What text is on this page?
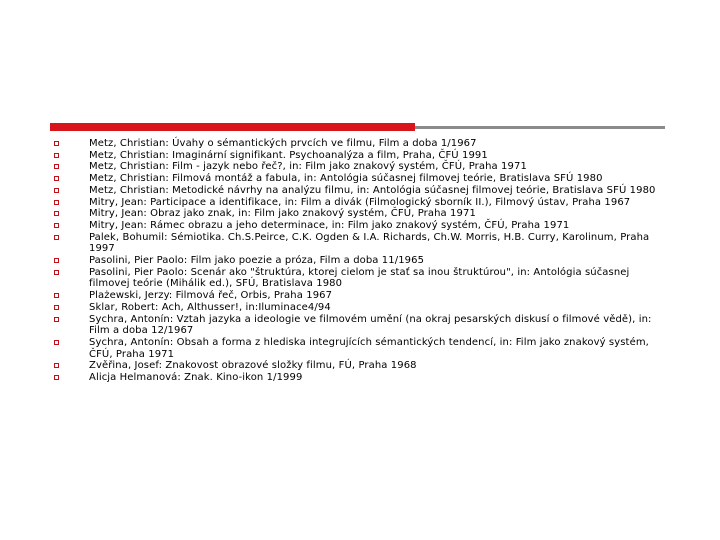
Metz, Christian: Úvahy o sémantických prvcích ve filmu, Film a doba 1/1967
Metz, Christian: Imaginární signifikant. Psychoanalýza a film, Praha, ČFÚ 1991
Metz, Christian: Film - jazyk nebo řeč?, in: Film jako znakový systém, ČFÚ, Praha 1971
Metz, Christian: Filmová montáž a fabula, in: Antológia súčasnej filmovej teórie, Bratislava SFÚ 1980
Metz, Christian: Metodické návrhy na analýzu filmu, in: Antológia súčasnej filmovej teórie, Bratislava SFÚ 1980
Mitry, Jean: Participace a identifikace, in: Film a divák (Filmologický sborník II.), Filmový ústav, Praha 1967
Mitry, Jean: Obraz jako znak, in: Film jako znakový systém, ČFÚ, Praha 1971
Mitry, Jean: Rámec obrazu a jeho determinace, in: Film jako znakový systém, ČFÚ, Praha 1971
Palek, Bohumil: Sémiotika. Ch.S.Peirce, C.K. Ogden & I.A. Richards, Ch.W. Morris, H.B. Curry, Karolinum, Praha 1997
Pasolini, Pier Paolo: Film jako poezie a próza, Film a doba 11/1965
Pasolini, Pier Paolo: Scenár ako "štruktúra, ktorej cielom je stať sa inou štruktúrou", in: Antológia súčasnej filmovej teórie (Mihálik ed.), SFÚ, Bratislava 1980
Plażewski, Jerzy: Filmová řeč, Orbis, Praha 1967
Sklar, Robert: Ach, Althusser!, in:Iluminace4/94
Sychra, Antonín: Vztah jazyka a ideologie ve filmovém umění (na okraj pesarských diskusí o filmové vědě), in: Film a doba 12/1967
Sychra, Antonín: Obsah a forma z hlediska integrujících sémantických tendencí, in: Film jako znakový systém, ČFÚ, Praha 1971
Zvěřina, Josef: Znakovost obrazové složky filmu, FÚ, Praha 1968
Alicja Helmanová: Znak. Kino-ikon 1/1999
